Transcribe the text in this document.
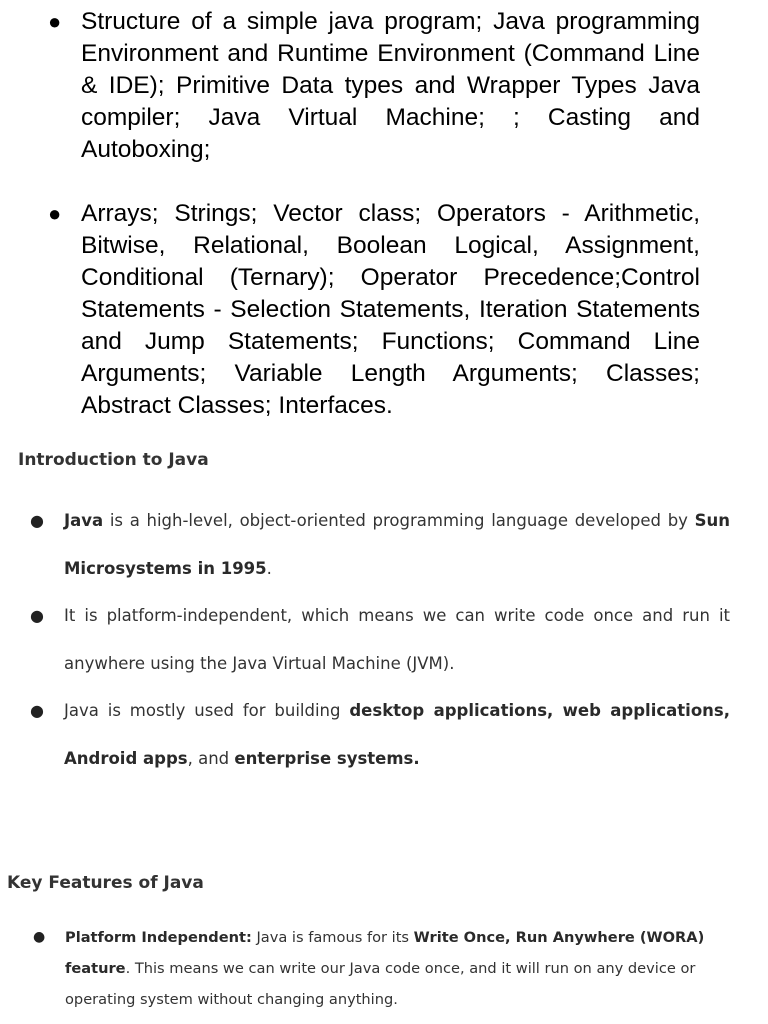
● Structure of a simple java program; Java programming Environment and Runtime Environment (Command Line & IDE); Primitive Data types and Wrapper Types Java compiler; Java Virtual Machine; ; Casting and Autoboxing;
● Arrays; Strings; Vector class; Operators - Arithmetic, Bitwise, Relational, Boolean Logical, Assignment, Conditional (Ternary); Operator Precedence;Control Statements - Selection Statements, Iteration Statements and Jump Statements; Functions; Command Line Arguments; Variable Length Arguments; Classes; Abstract Classes; Interfaces.
Introduction to Java
● Java is a high-level, object-oriented programming language developed by Sun Microsystems in 1995.
● It is platform-independent, which means we can write code once and run it anywhere using the Java Virtual Machine (JVM).
● Java is mostly used for building desktop applications, web applications, Android apps, and enterprise systems.
Key Features of Java
● Platform Independent: Java is famous for its Write Once, Run Anywhere (WORA) feature. This means we can write our Java code once, and it will run on any device or operating system without changing anything.
